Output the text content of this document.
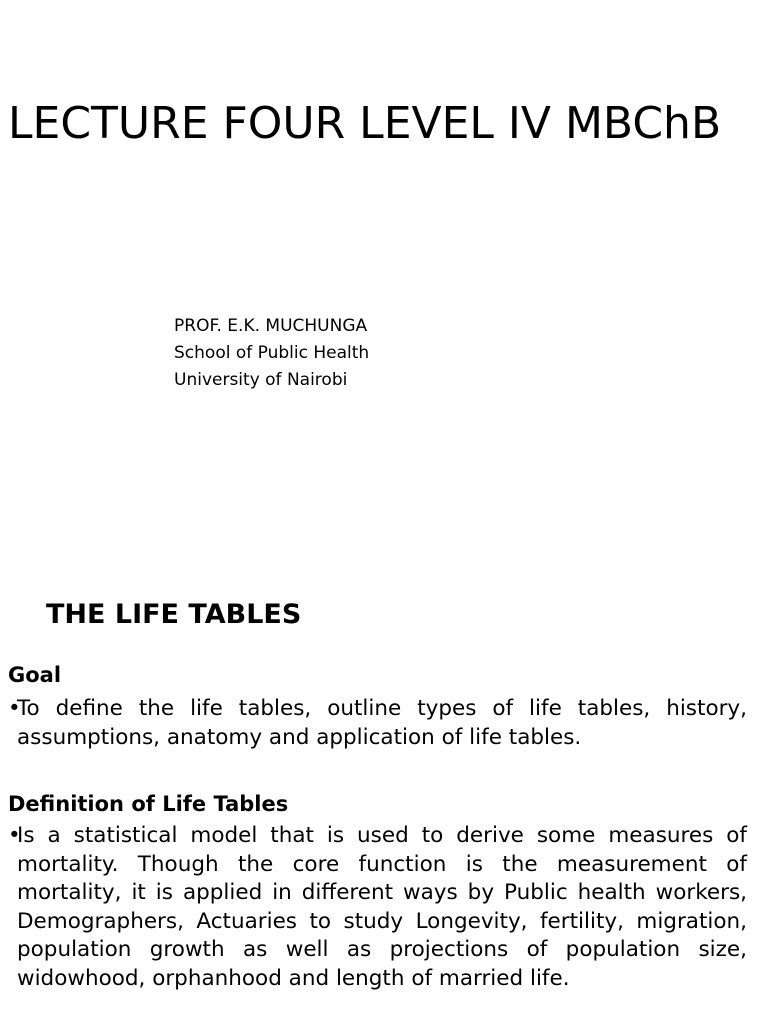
LECTURE FOUR LEVEL IV MBChB
PROF. E.K. MUCHUNGA
School of Public Health
University of Nairobi
THE LIFE TABLES
Goal

•To define the life tables, outline types of life tables, history, assumptions, anatomy and application of life tables.

Definition of Life Tables

•Is a statistical model that is used to derive some measures of mortality. Though the core function is the measurement of mortality, it is applied in different ways by Public health workers, Demographers, Actuaries to study Longevity, fertility, migration, population growth as well as projections of population size, widowhood, orphanhood and length of married life.
